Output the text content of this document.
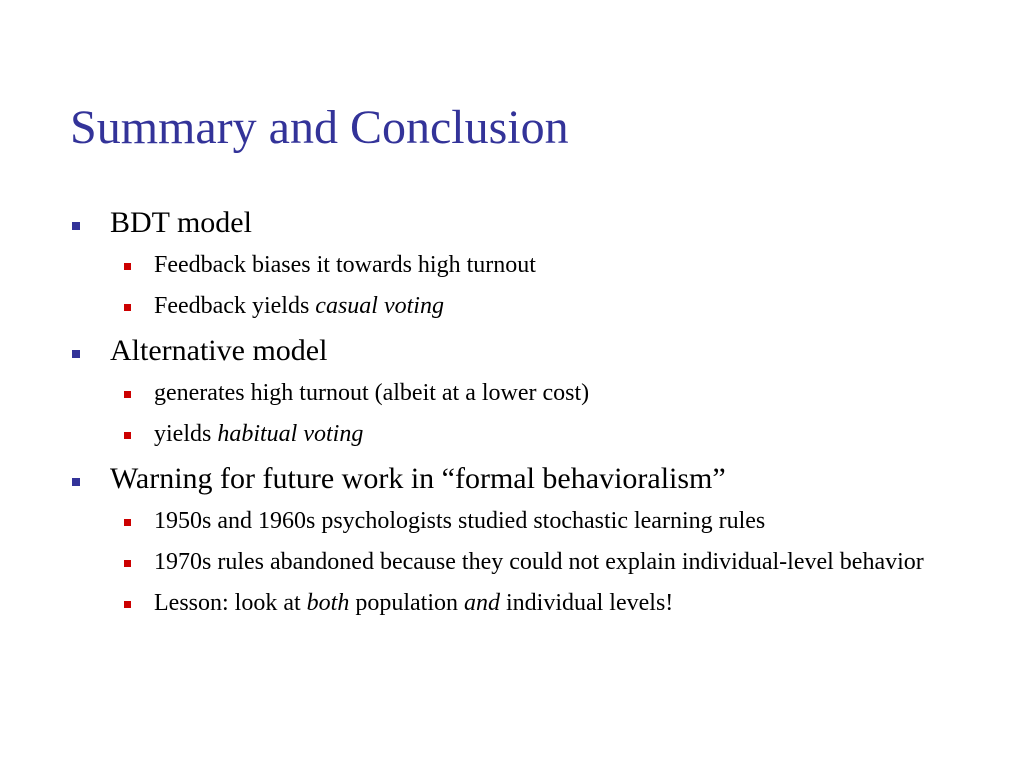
Summary and Conclusion
BDT model
Feedback biases it towards high turnout
Feedback yields casual voting
Alternative model
generates high turnout (albeit at a lower cost)
yields habitual voting
Warning for future work in “formal behavioralism”
1950s and 1960s psychologists studied stochastic learning rules
1970s rules abandoned because they could not explain individual-level behavior
Lesson: look at both population and individual levels!
